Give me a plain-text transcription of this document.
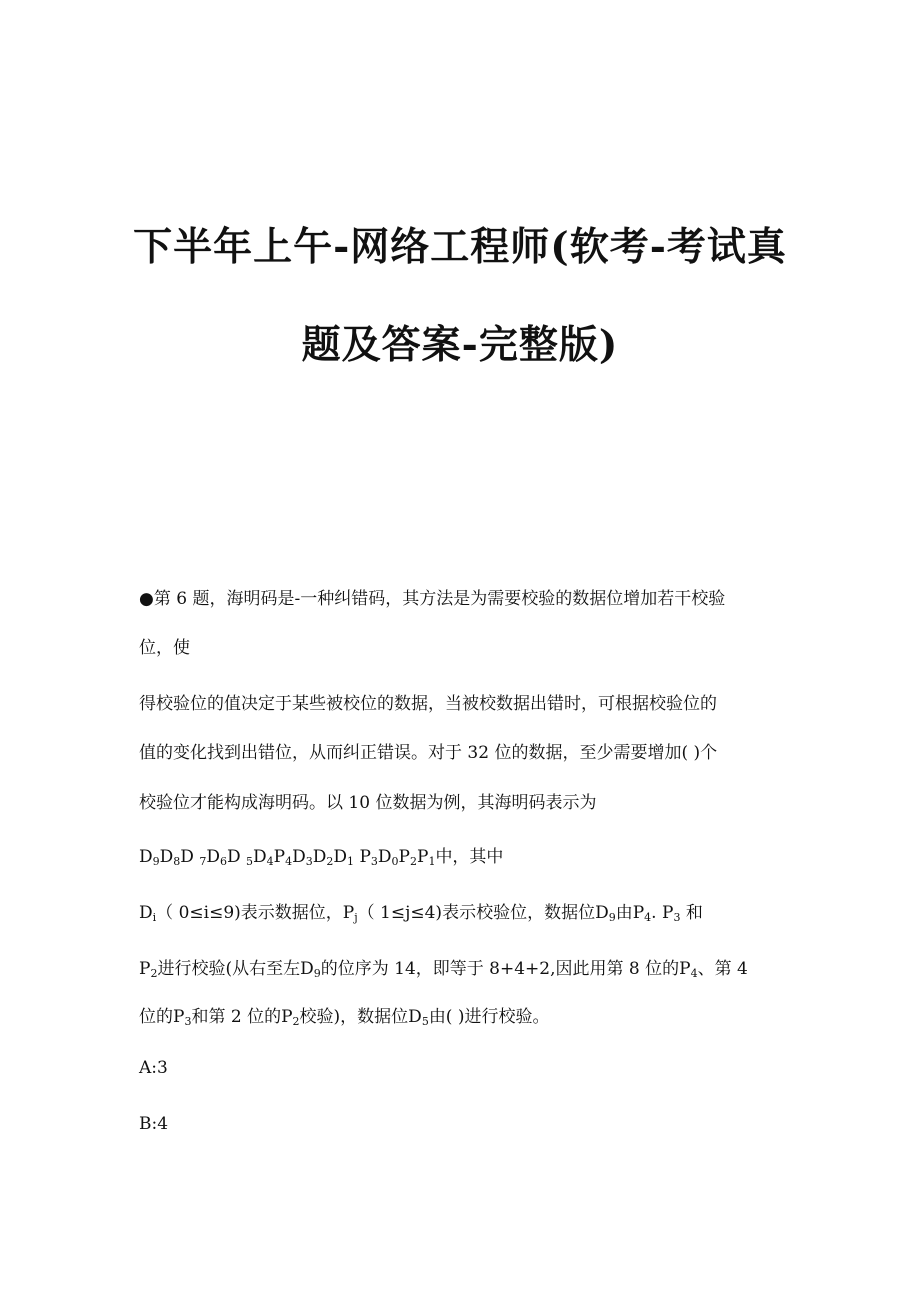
下半年上午-网络工程师(软考-考试真
题及答案-完整版)
●第 6 题，海明码是-一种纠错码，其方法是为需要校验的数据位增加若干校验
位，使
得校验位的值决定于某些被校位的数据，当被校数据出错时，可根据校验位的
值的变化找到出错位，从而纠正错误。对于 32 位的数据，至少需要增加( )个
校验位才能构成海明码。以 10 位数据为例，其海明码表示为
$D_9D_8D$ $_7D_6D$ $_5D_4P_4D_3D_2D_1$ $P_3D_0P_2P_1$中，其中
$D_i$（ 0≤i≤9)表示数据位，$P_j$（ 1≤j≤4)表示校验位，数据位$D_9$由$P_4$. $P_3$ 和
$P_2$进行校验(从右至左$D_9$的位序为 14，即等于 8+4+2,因此用第 8 位的$P_4$、第 4
位的$P_3$和第 2 位的$P_2$校验)，数据位$D_5$由( )进行校验。
A:3
B:4
